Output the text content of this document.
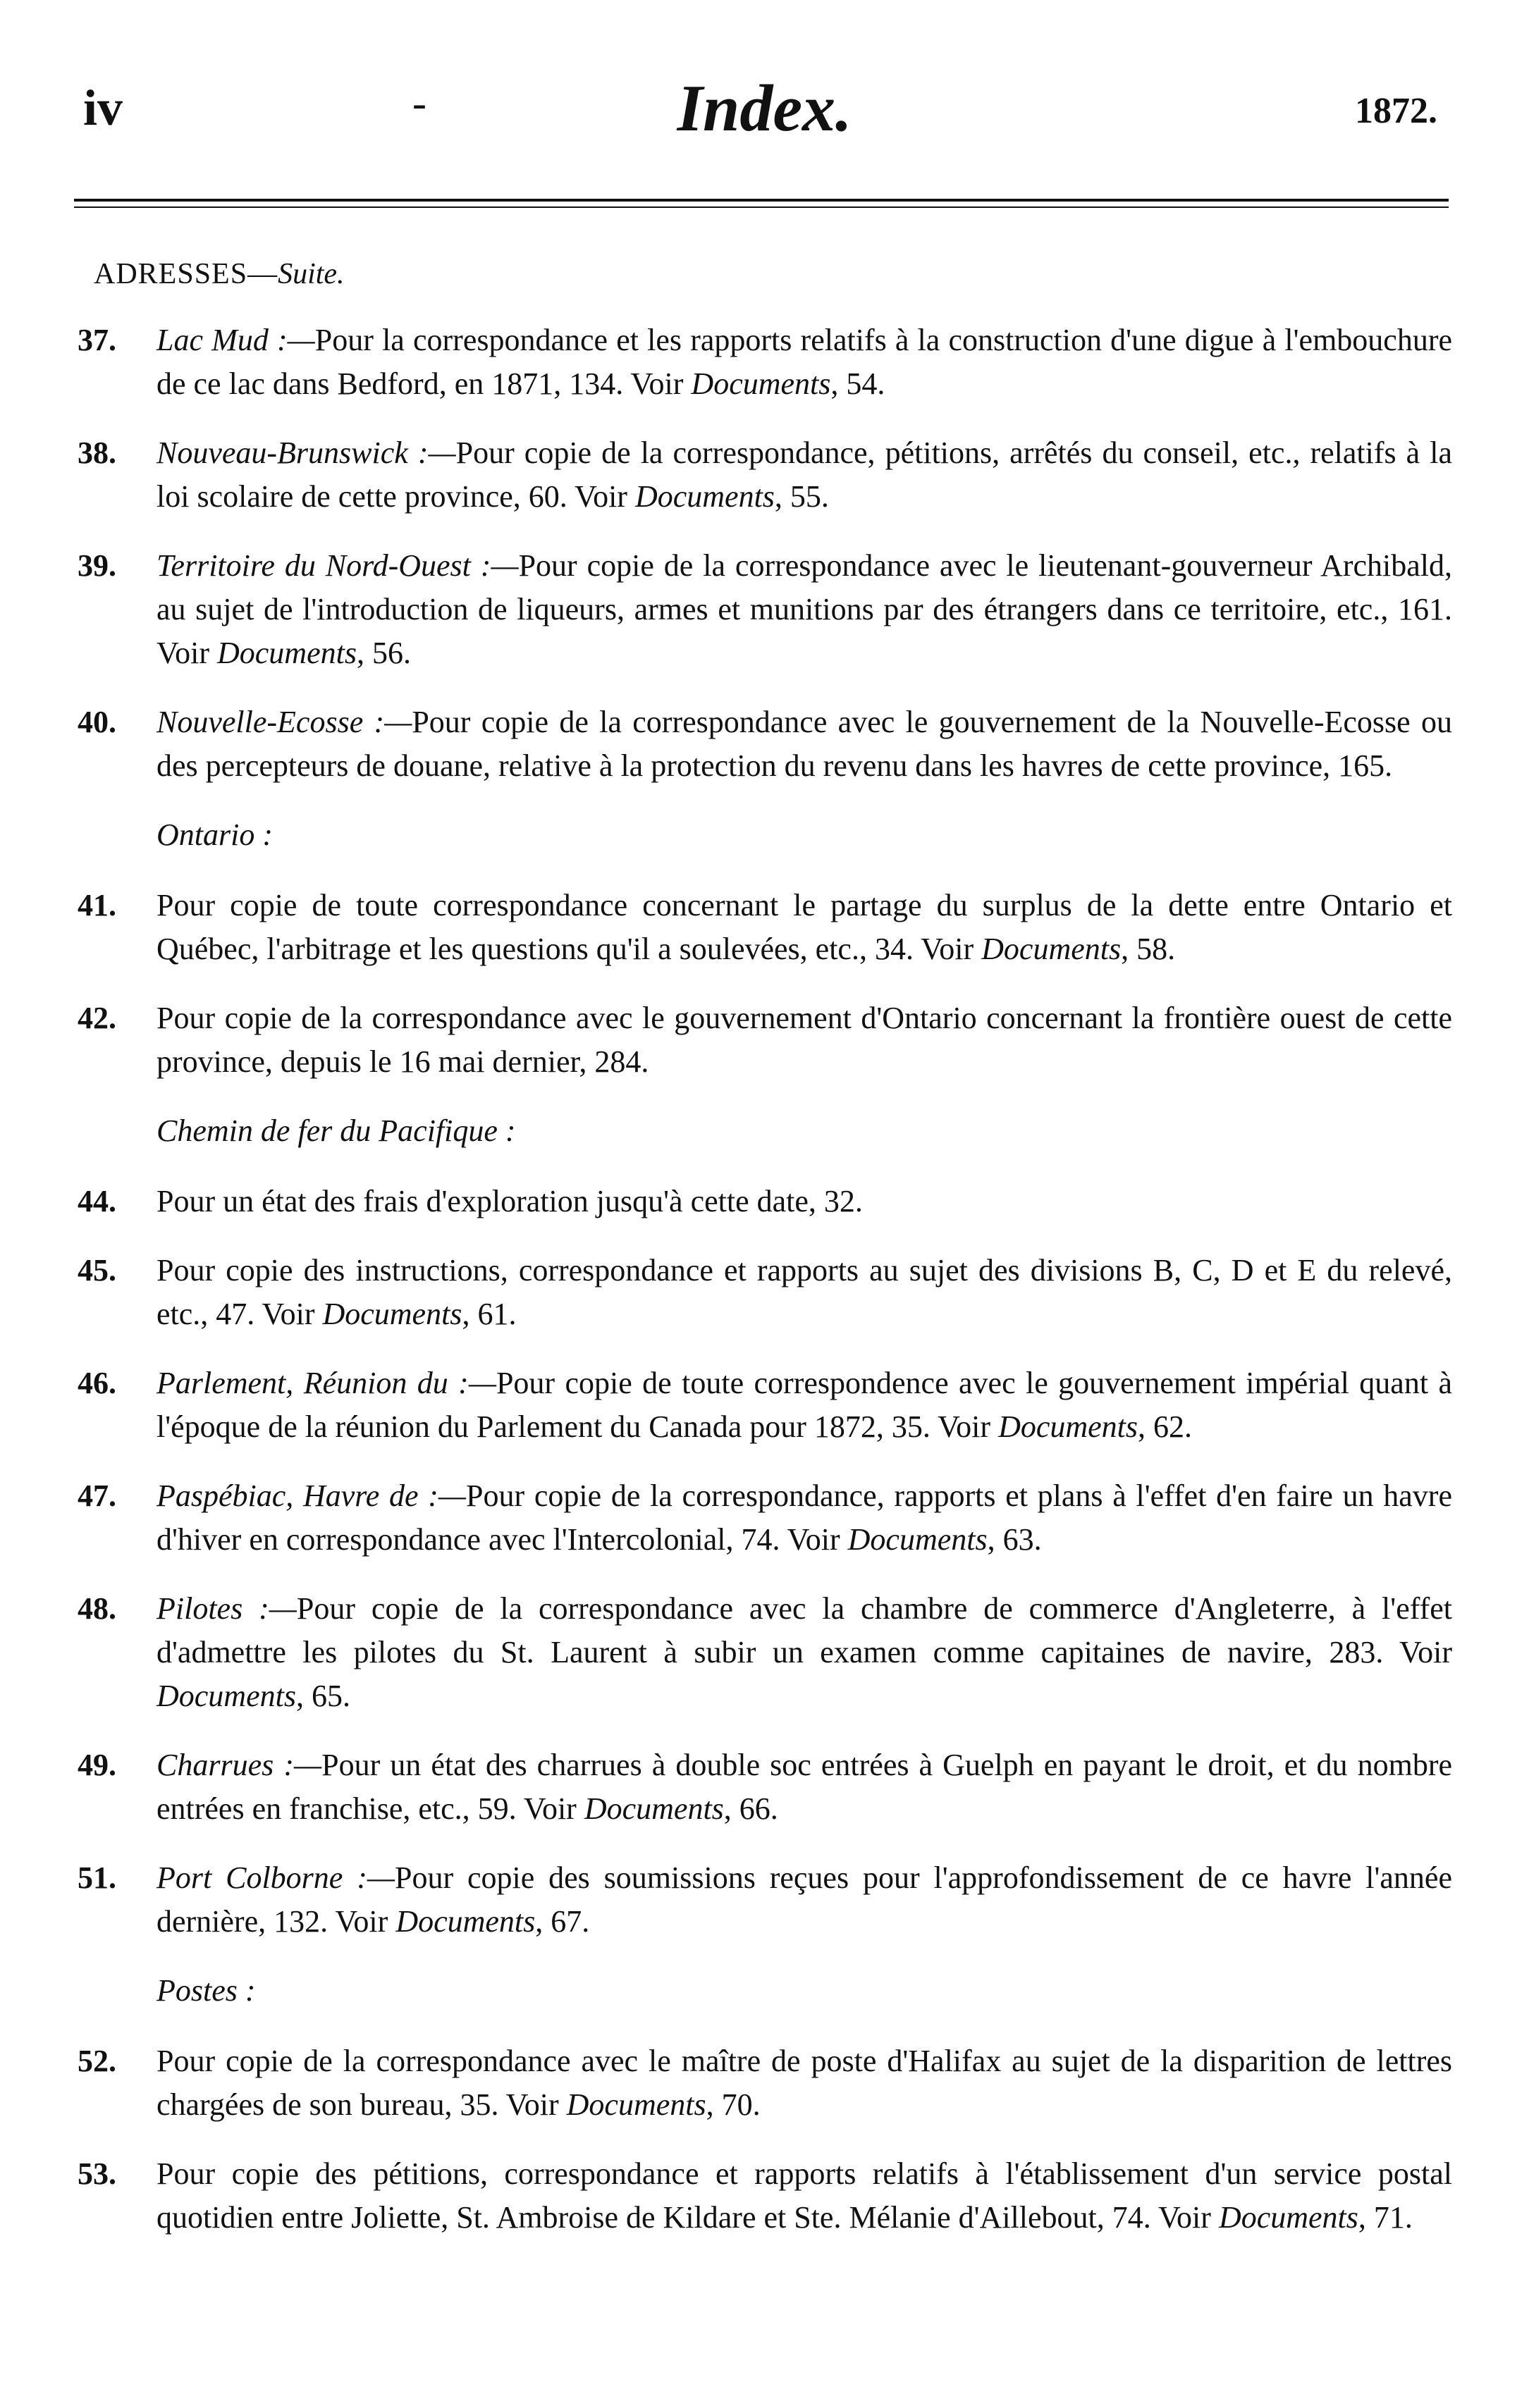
iv	-	Index.	1872.
ADRESSES—Suite.
37.	Lac Mud :—Pour la correspondance et les rapports relatifs à la construction d'une digue à l'embouchure de ce lac dans Bedford, en 1871, 134. Voir Documents, 54.
38.	Nouveau-Brunswick :—Pour copie de la correspondance, pétitions, arrêtés du conseil, etc., relatifs à la loi scolaire de cette province, 60. Voir Documents, 55.
39.	Territoire du Nord-Ouest :—Pour copie de la correspondance avec le lieutenant-gouverneur Archibald, au sujet de l'introduction de liqueurs, armes et munitions par des étrangers dans ce territoire, etc., 161. Voir Documents, 56.
40.	Nouvelle-Ecosse :—Pour copie de la correspondance avec le gouvernement de la Nouvelle-Ecosse ou des percepteurs de douane, relative à la protection du revenu dans les havres de cette province, 165.
Ontario :
41.	Pour copie de toute correspondance concernant le partage du surplus de la dette entre Ontario et Québec, l'arbitrage et les questions qu'il a soulevées, etc., 34. Voir Documents, 58.
42.	Pour copie de la correspondance avec le gouvernement d'Ontario concernant la frontière ouest de cette province, depuis le 16 mai dernier, 284.
Chemin de fer du Pacifique :
44.	Pour un état des frais d'exploration jusqu'à cette date, 32.
45.	Pour copie des instructions, correspondance et rapports au sujet des divisions B, C, D et E du relevé, etc., 47. Voir Documents, 61.
46.	Parlement, Réunion du :—Pour copie de toute correspondence avec le gouvernement impérial quant à l'époque de la réunion du Parlement du Canada pour 1872, 35. Voir Documents, 62.
47.	Paspébiac, Havre de :—Pour copie de la correspondance, rapports et plans à l'effet d'en faire un havre d'hiver en correspondance avec l'Intercolonial, 74. Voir Documents, 63.
48.	Pilotes :—Pour copie de la correspondance avec la chambre de commerce d'Angleterre, à l'effet d'admettre les pilotes du St. Laurent à subir un examen comme capitaines de navire, 283. Voir Documents, 65.
49.	Charrues :—Pour un état des charrues à double soc entrées à Guelph en payant le droit, et du nombre entrées en franchise, etc., 59. Voir Documents, 66.
51.	Port Colborne :—Pour copie des soumissions reçues pour l'approfondissement de ce havre l'année dernière, 132. Voir Documents, 67.
Postes :
52.	Pour copie de la correspondance avec le maître de poste d'Halifax au sujet de la disparition de lettres chargées de son bureau, 35. Voir Documents, 70.
53.	Pour copie des pétitions, correspondance et rapports relatifs à l'établissement d'un service postal quotidien entre Joliette, St. Ambroise de Kildare et Ste. Mélanie d'Aillebout, 74. Voir Documents, 71.
